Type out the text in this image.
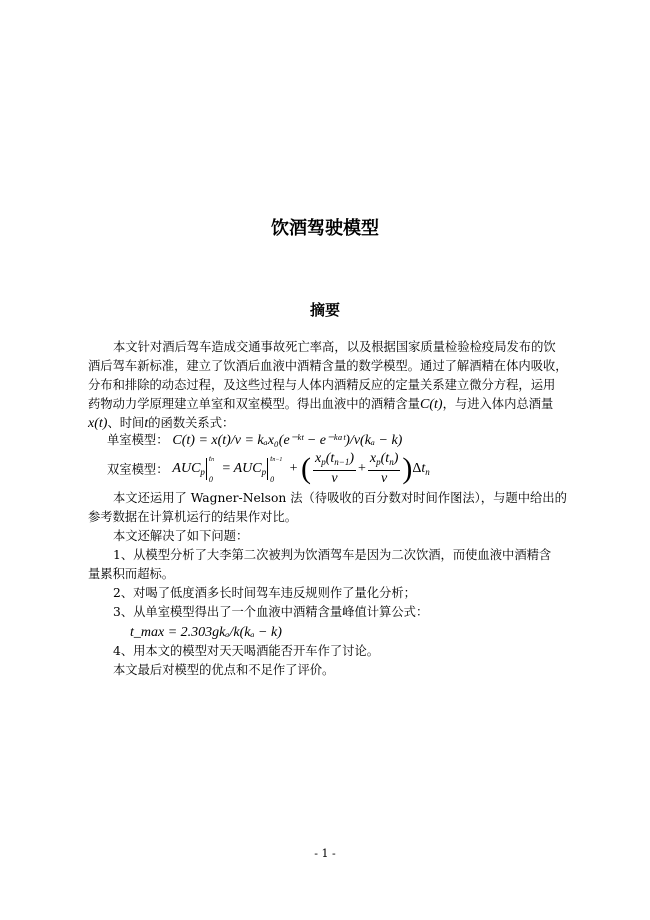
饮酒驾驶模型
摘要
本文针对酒后驾车造成交通事故死亡率高，以及根据国家质量检验检疫局发布的饮
酒后驾车新标准，建立了饮酒后血液中酒精含量的数学模型。通过了解酒精在体内吸收，
分布和排除的动态过程，及这些过程与人体内酒精反应的定量关系建立微分方程，运用
药物动力学原理建立单室和双室模型。得出血液中的酒精含量C(t)，与进入体内总酒量
x(t)、时间t的函数关系式：
单室模型： C(t) = x(t)/v = kₐx₀(e⁻ᵏᵗ − e⁻ᵏᵃᵗ)/v(kₐ − k)
双室模型： $AUC_p$
tn
0
= $AUC_p$
tn−1
0
+ ( $\frac{x_p(t_{n-1})}{v} + \frac{x_p(t_n)}{v} )\Delta t_n$
本文还运用了 Wagner-Nelson 法（待吸收的百分数对时间作图法），与题中给出的
参考数据在计算机运行的结果作对比。
本文还解决了如下问题：
1、从模型分析了大李第二次被判为饮酒驾车是因为二次饮酒，而使血液中酒精含
量累积而超标。
2、对喝了低度酒多长时间驾车违反规则作了量化分析；
3、从单室模型得出了一个血液中酒精含量峰值计算公式：
t_max = 2.303gkₐ/k(kₐ − k)
4、用本文的模型对天天喝酒能否开车作了讨论。
本文最后对模型的优点和不足作了评价。
- 1 -
